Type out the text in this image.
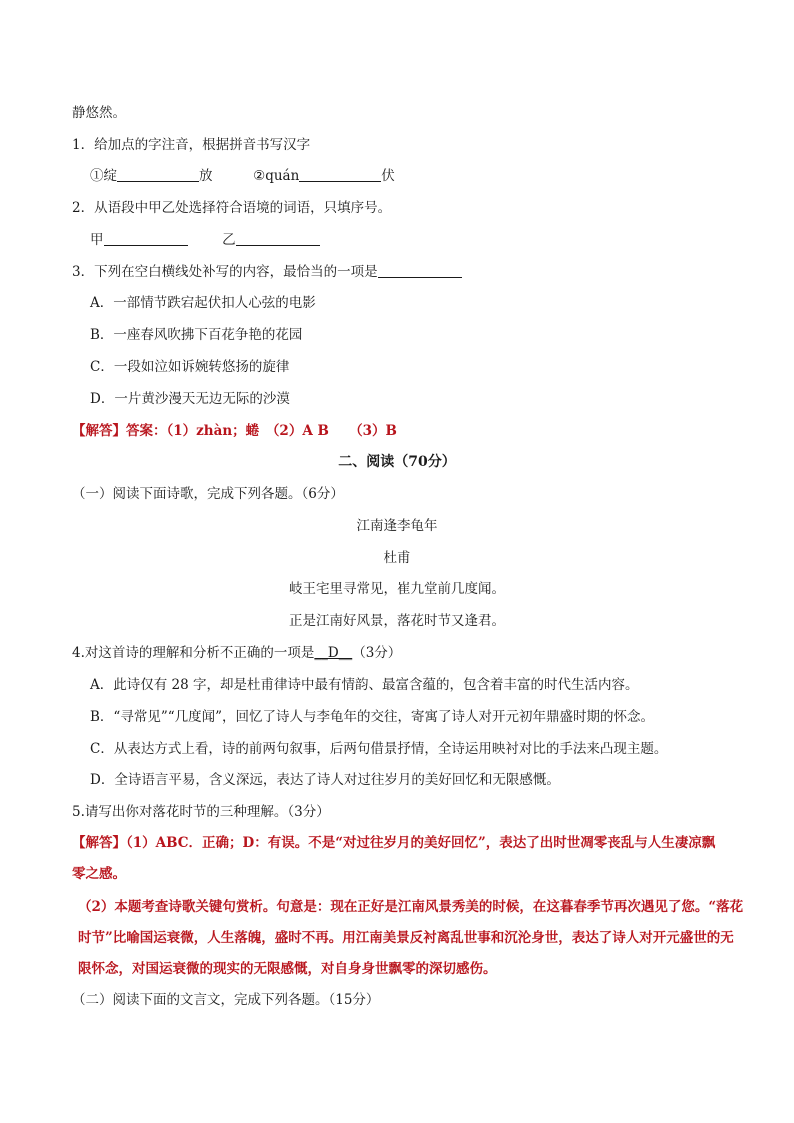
静悠然。
1．给加点的字注音，根据拼音书写汉字
①绽	放	②quán	伏
2．从语段中甲乙处选择符合语境的词语，只填序号。
甲	乙
3．下列在空白横线处补写的内容，最恰当的一项是
A．一部情节跌宕起伏扣人心弦的电影
B．一座春风吹拂下百花争艳的花园
C．一段如泣如诉婉转悠扬的旋律
D．一片黄沙漫天无边无际的沙漠
【解答】答案：（1）zhàn；蜷　（2）A B　　（3）B
二、阅读（70分）
（一）阅读下面诗歌，完成下列各题。（6分）
江南逢李龟年
杜甫
岐王宅里寻常见，崔九堂前几度闻。
正是江南好风景，落花时节又逢君。
4.对这首诗的理解和分析不正确的一项是__D__（3分）
A．此诗仅有 28 字，却是杜甫律诗中最有情韵、最富含蕴的，包含着丰富的时代生活内容。
B．“寻常见”“几度闻”，回忆了诗人与李龟年的交往，寄寓了诗人对开元初年鼎盛时期的怀念。
C．从表达方式上看，诗的前两句叙事，后两句借景抒情，全诗运用映衬对比的手法来凸现主题。
D．全诗语言平易，含义深远，表达了诗人对过往岁月的美好回忆和无限感慨。
5.请写出你对落花时节的三种理解。（3分）
【解答】（1）ABC．正确；D：有误。不是“对过往岁月的美好回忆”，表达了出时世凋零丧乱与人生凄凉飘零之感。
（2）本题考查诗歌关键句赏析。句意是：现在正好是江南风景秀美的时候，在这暮春季节再次遇见了您。“落花时节”比喻国运衰微，人生落魄，盛时不再。用江南美景反衬离乱世事和沉沦身世，表达了诗人对开元盛世的无限怀念，对国运衰微的现实的无限感慨，对自身身世飘零的深切感伤。
（二）阅读下面的文言文，完成下列各题。（15分）
